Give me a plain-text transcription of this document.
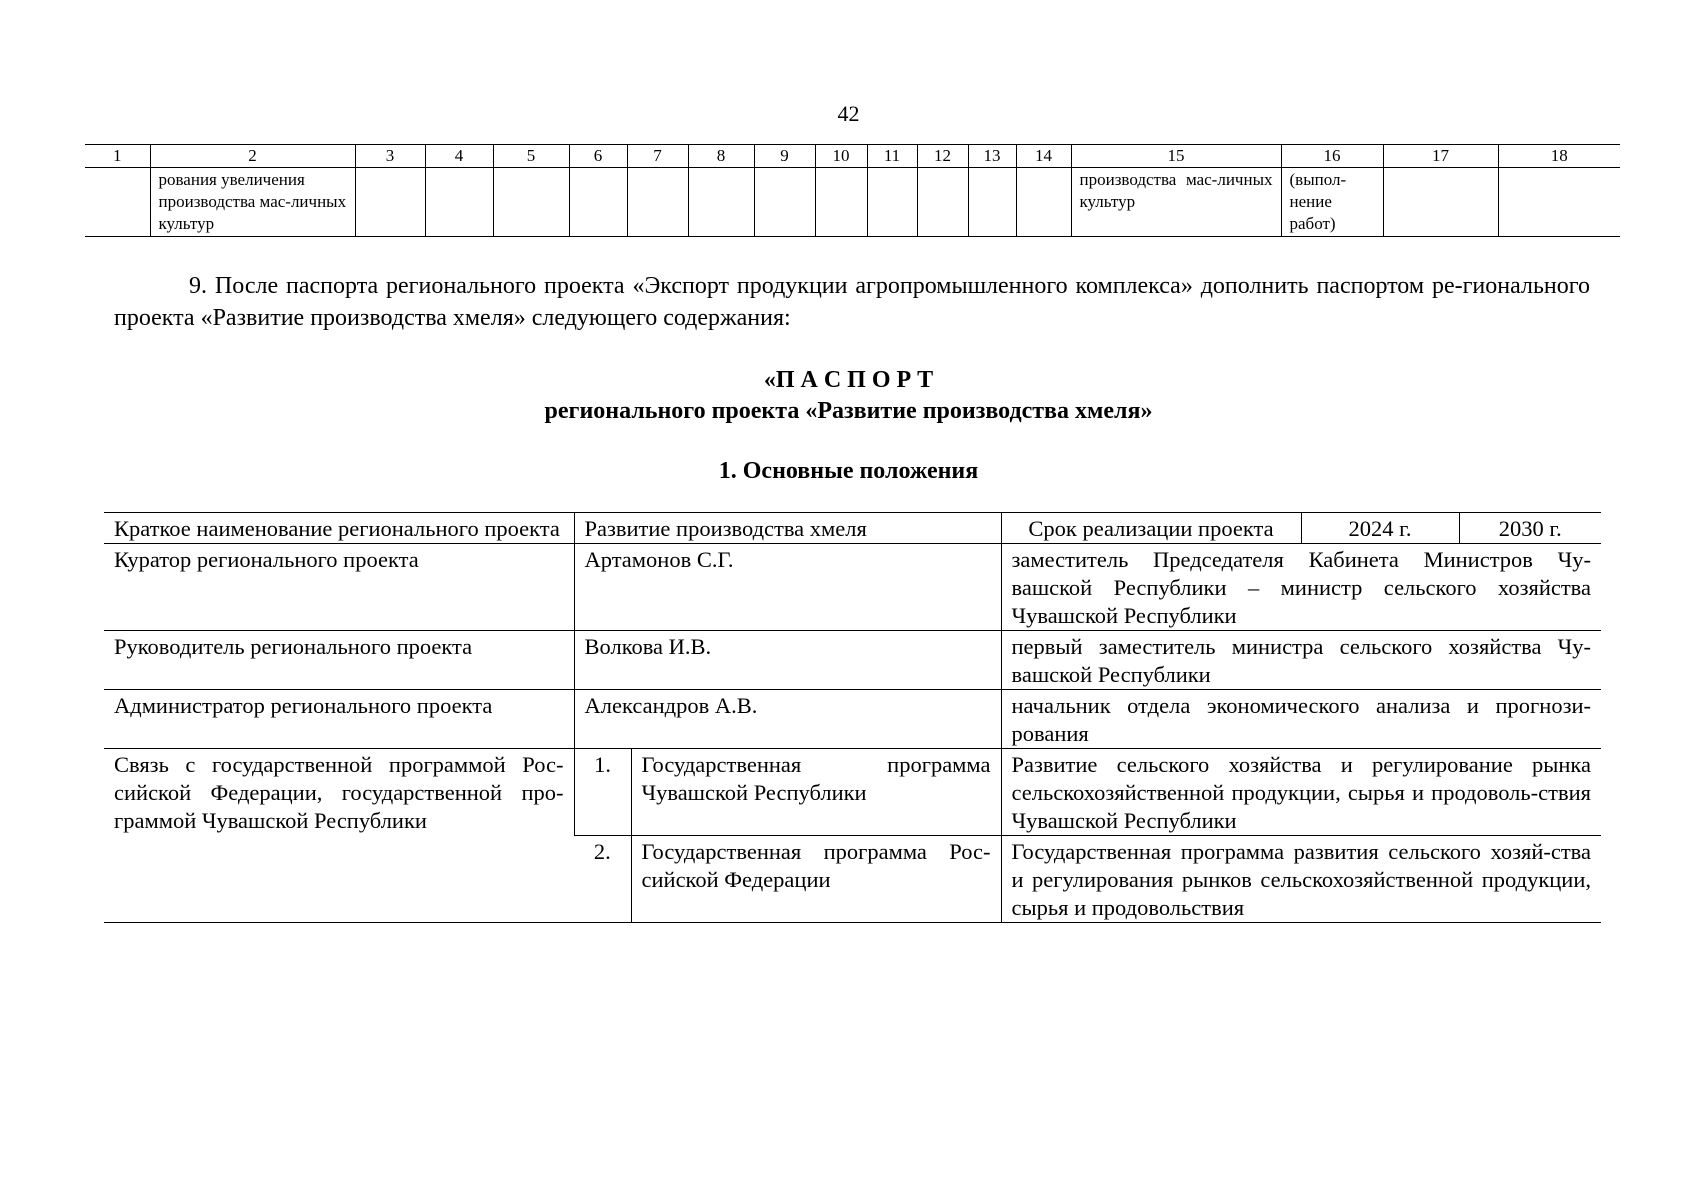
42
1	2	3	4	5	6	7	8	9	10	11	12	13	14	15	16	17	18
	рования увеличения производства мас-личных культур													производства мас-личных культур	(выпол-нение работ)		
9. После паспорта регионального проекта «Экспорт продукции агропромышленного комплекса» дополнить паспортом ре-гионального проекта «Развитие производства хмеля» следующего содержания:
«П А С П О Р Т
регионального проекта «Развитие производства хмеля»
1. Основные положения
Краткое наименование регионального проекта	Развитие производства хмеля		Срок реализации проекта	2024 г.	2030 г.
Куратор регионального проекта	Артамонов С.Г.		заместитель Председателя Кабинета Министров Чу-вашской Республики – министр сельского хозяйства Чувашской Республики		
Руководитель регионального проекта	Волкова И.В.		первый заместитель министра сельского хозяйства Чу-вашской Республики		
Администратор регионального проекта	Александров А.В.		начальник отдела экономического анализа и прогнози-рования		
Связь с государственной программой Рос-сийской Федерации, государственной про-граммой Чувашской Республики	1.	Государственная программа Чувашской Республики	Развитие сельского хозяйства и регулирование рынка сельскохозяйственной продукции, сырья и продоволь-ствия Чувашской Республики		
	2.	Государственная программа Рос-сийской Федерации	Государственная программа развития сельского хозяй-ства и регулирования рынков сельскохозяйственной продукции, сырья и продовольствия		
